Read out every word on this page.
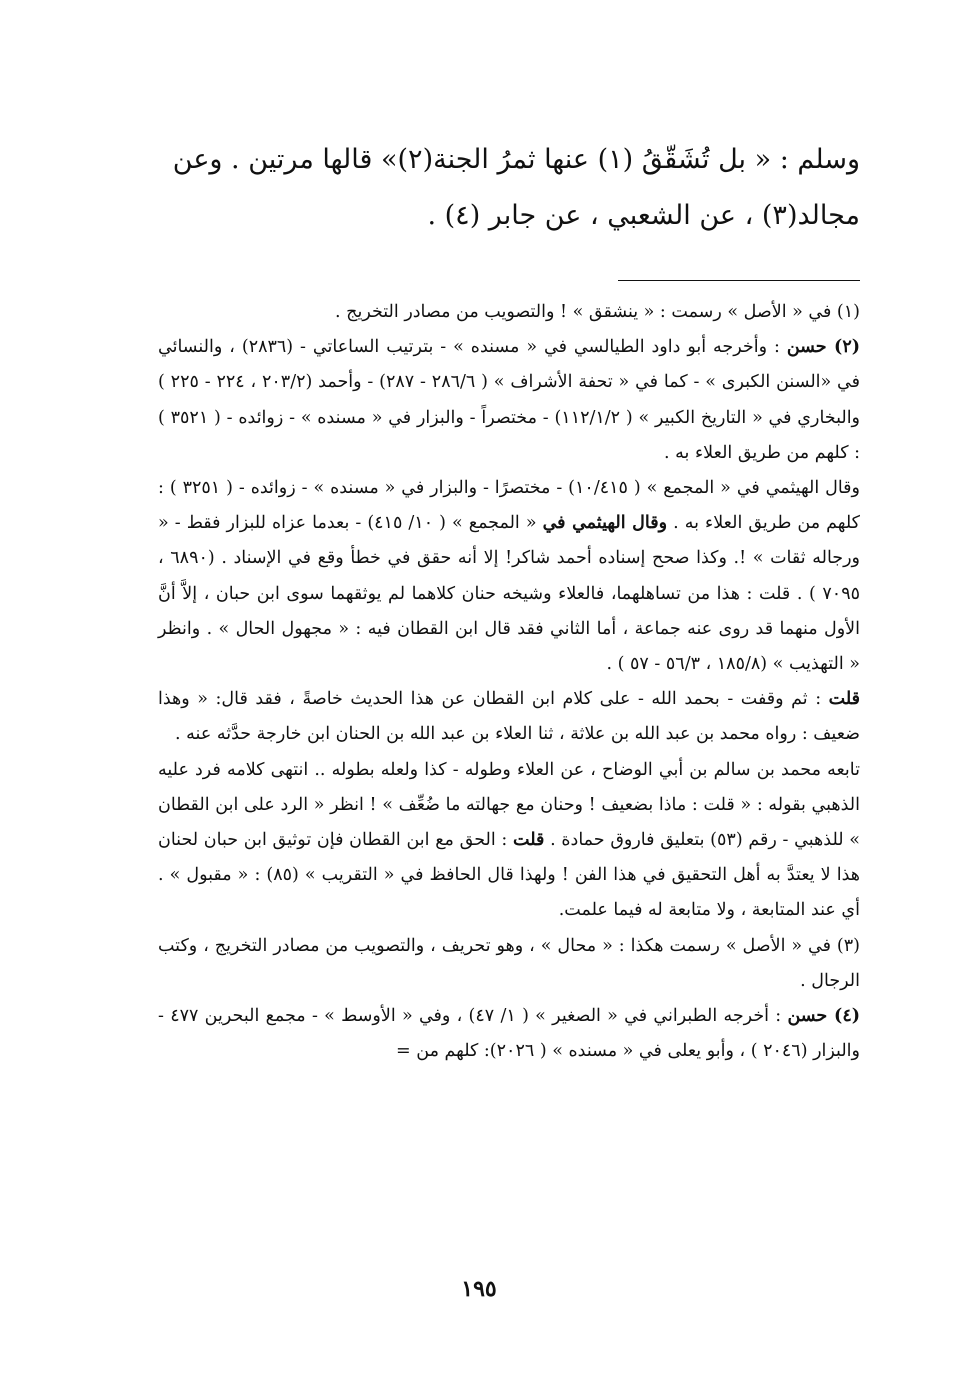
وسلم : « بل تُشَقّقُ (١) عنها ثمرُ الجنة(٢)» قالها مرتين . وعن

مجالد(٣) ، عن الشعبي ، عن جابر (٤) .

(١) في « الأصل » رسمت : « ينشقق » ! والتصويب من مصادر التخريج .

(٢) حسن : وأخرجه أبو داود الطيالسي في « مسنده » - بترتيب الساعاتي - (٢٨٣٦) ، والنسائي في «السنن الكبرى » - كما في « تحفة الأشراف » ( ٢٨٦/٦ - ٢٨٧) - وأحمد (٢٠٣/٢ ، ٢٢٤ - ٢٢٥ ) والبخاري في « التاريخ الكبير » ( ١١٢/١/٢) - مختصراً - والبزار في « مسنده » - زوائده - ( ٣٥٢١ ) : كلهم من طريق العلاء به .

وقال الهيثمي في « المجمع » ( ١٠/٤١٥) - مختصرًا - والبزار في « مسنده » - زوائده - ( ٣٢٥١ ) : كلهم من طريق العلاء به . وقال الهيثمي في « المجمع » ( ١٠/ ٤١٥) - بعدما عزاه للبزار فقط - « ورجاله ثقات » !. وكذا صحح إسناده أحمد شاكر! إلا أنه حقق في خطأ وقع في الإسناد . (٦٨٩٠ ، ٧٠٩٥ ) . قلت : هذا من تساهلهما، فالعلاء وشيخه حنان كلاهما لم يوثقهما سوى ابن حبان ، إلاَّ أنَّ الأول منهما قد روى عنه جماعة ، أما الثاني فقد قال ابن القطان فيه : « مجهول الحال » . وانظر « التهذيب » (١٨٥/٨ ، ٥٦/٣ - ٥٧ ) .

قلت : ثم وقفت - بحمد الله - على كلام ابن القطان عن هذا الحديث خاصةً ، فقد قال: « وهذا ضعيف : رواه محمد بن عبد الله بن علاثة ، ثنا العلاء بن عبد الله بن الحنان ابن خارجة حدَّثه عنه .

تابعه محمد بن سالم بن أبي الوضاح ، عن العلاء وطوله - كذا ولعله بطوله .. انتهى كلامه فرد عليه الذهبي بقوله : « قلت : ماذا بضعيف ! وحنان مع جهالته ما ضُعِّف » ! انظر « الرد على ابن القطان » للذهبي - رقم (٥٣) بتعليق فاروق حمادة . قلت : الحق مع ابن القطان فإن توثيق ابن حبان لحنان هذا لا يعتدَّ به أهل التحقيق في هذا الفن ! ولهذا قال الحافظ في « التقريب » (٨٥) : « مقبول » . أي عند المتابعة ، ولا متابعة له فيما علمت.

(٣) في « الأصل » رسمت هكذا : « محال » ، وهو تحريف ، والتصويب من مصادر التخريج ، وكتب الرجال .

(٤) حسن : أخرجه الطبراني في « الصغير » ( ١/ ٤٧) ، وفي « الأوسط » - مجمع البحرين ٤٧٧ - والبزار (٢٠٤٦ ) ، وأبو يعلى في « مسنده » ( ٢٠٢٦): كلهم من =

١٩٥
